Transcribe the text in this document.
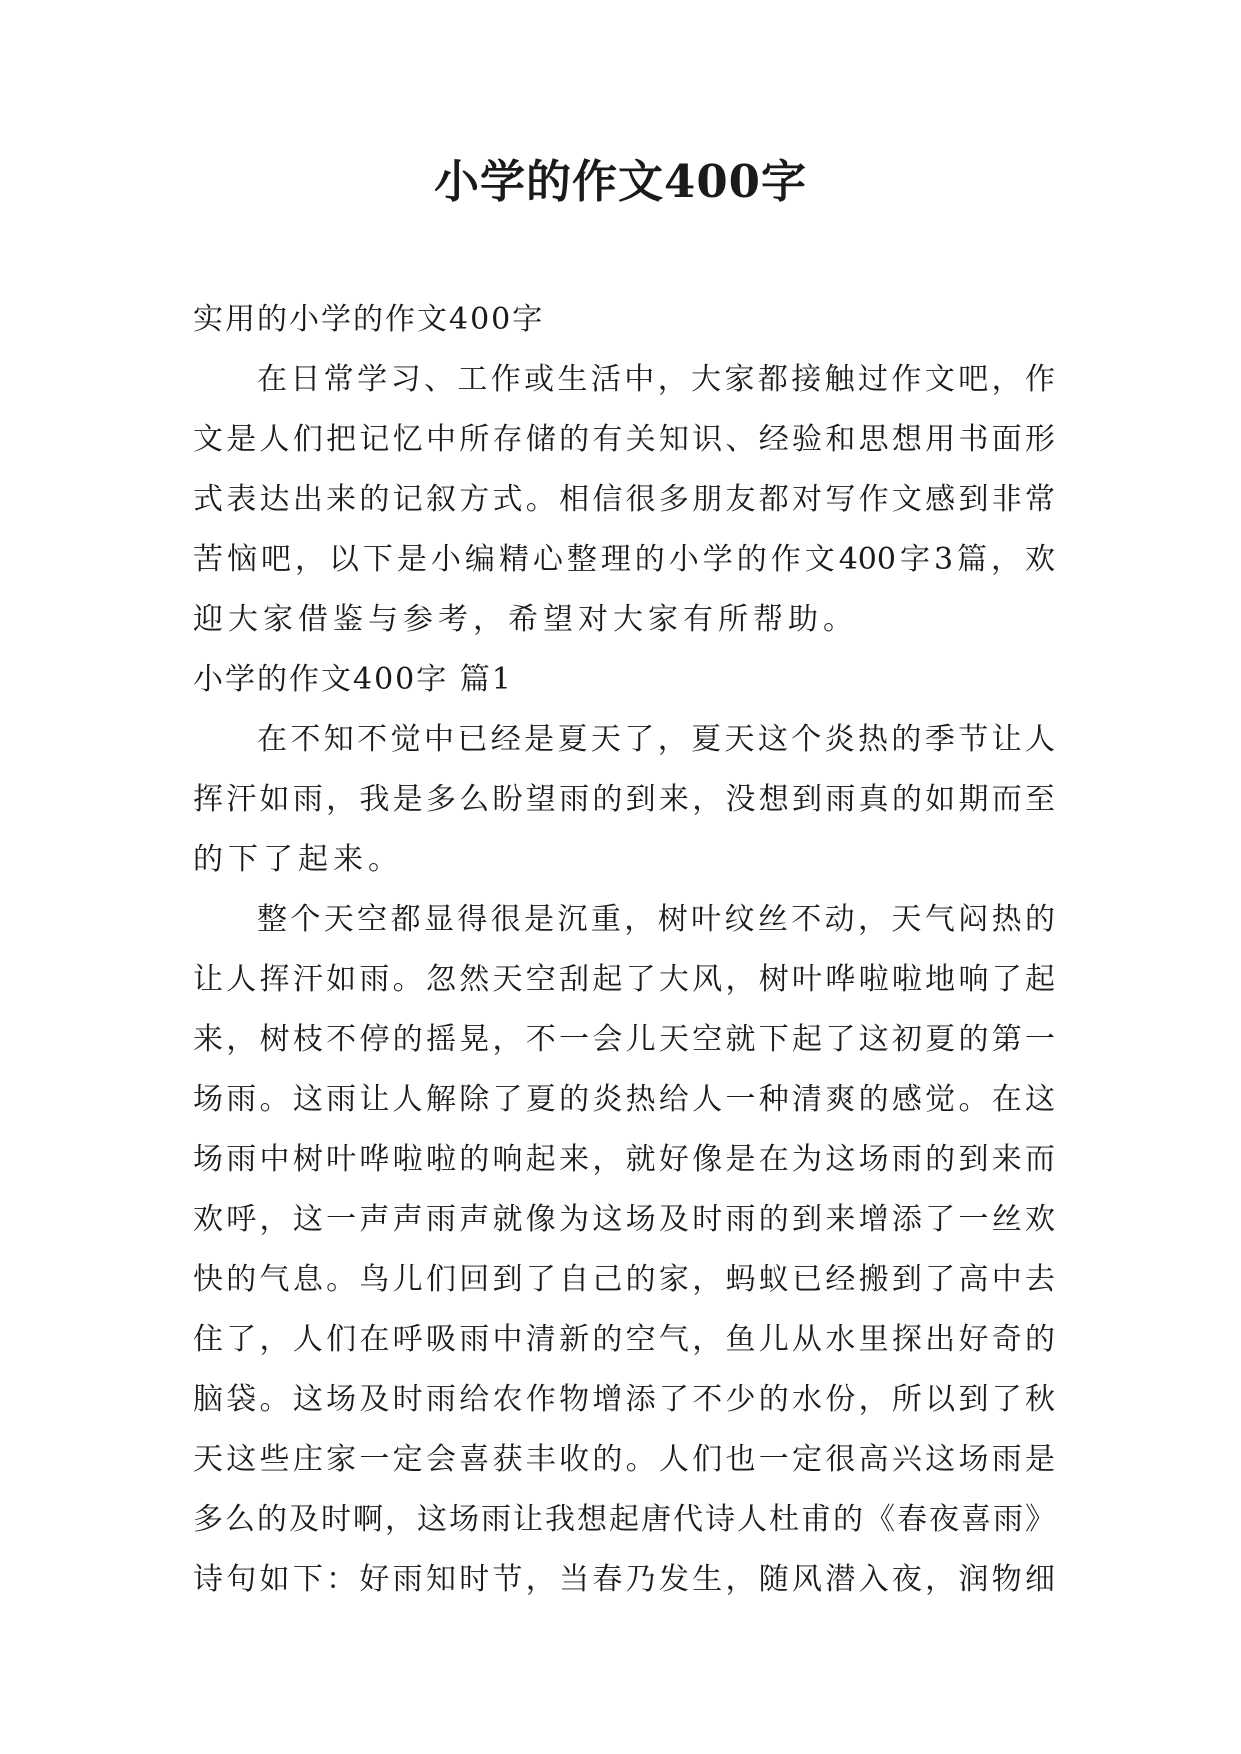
小学的作文400字
实用的小学的作文400字
在日常学习、工作或生活中，大家都接触过作文吧，作
文是人们把记忆中所存储的有关知识、经验和思想用书面形
式表达出来的记叙方式。相信很多朋友都对写作文感到非常
苦恼吧，以下是小编精心整理的小学的作文400字3篇，欢
迎大家借鉴与参考，希望对大家有所帮助。
小学的作文400字 篇1
在不知不觉中已经是夏天了，夏天这个炎热的季节让人
挥汗如雨，我是多么盼望雨的到来，没想到雨真的如期而至
的下了起来。
整个天空都显得很是沉重，树叶纹丝不动，天气闷热的
让人挥汗如雨。忽然天空刮起了大风，树叶哗啦啦地响了起
来，树枝不停的摇晃，不一会儿天空就下起了这初夏的第一
场雨。这雨让人解除了夏的炎热给人一种清爽的感觉。在这
场雨中树叶哗啦啦的响起来，就好像是在为这场雨的到来而
欢呼，这一声声雨声就像为这场及时雨的到来增添了一丝欢
快的气息。鸟儿们回到了自己的家，蚂蚁已经搬到了高中去
住了，人们在呼吸雨中清新的空气，鱼儿从水里探出好奇的
脑袋。这场及时雨给农作物增添了不少的水份，所以到了秋
天这些庄家一定会喜获丰收的。人们也一定很高兴这场雨是
多么的及时啊，这场雨让我想起唐代诗人杜甫的《春夜喜雨》
诗句如下：好雨知时节，当春乃发生，随风潜入夜，润物细
